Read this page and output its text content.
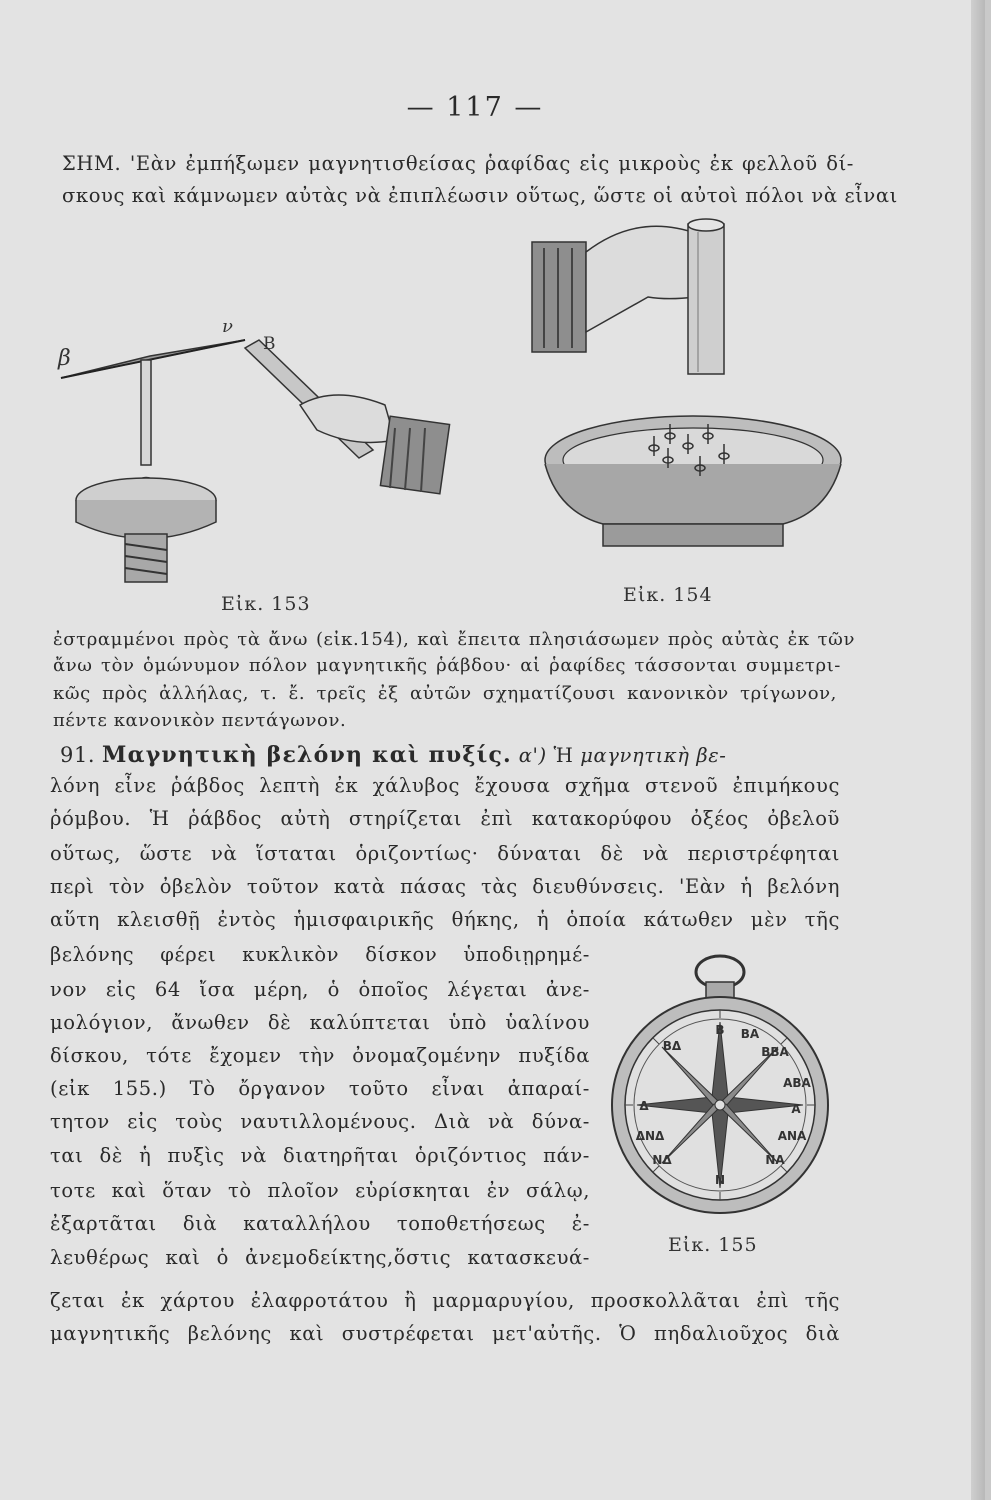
— 117 —
ΣΗΜ. 'Εὰν ἐμπήξωμεν μαγνητισθείσας ῥαφίδας εἰς μικροὺς ἐκ φελλοῦ δί-
σκους καὶ κάμνωμεν αὐτὰς νὰ ἐπιπλέωσιν οὕτως, ὥστε οἱ αὐτοὶ πόλοι νὰ εἶναι
β
ν
B
Εἰκ. 153	Εἰκ. 154
ἐστραμμένοι πρὸς τὰ ἄνω (εἰκ.154), καὶ ἔπειτα πλησιάσωμεν πρὸς αὐτὰς ἐκ τῶν
ἄνω τὸν ὁμώνυμον πόλον μαγνητικῆς ῥάβδου· αἱ ῥαφίδες τάσσονται συμμετρι-
κῶς πρὸς ἀλλήλας, τ. ἔ. τρεῖς ἐξ αὐτῶν σχηματίζουσι κανονικὸν τρίγωνον,
πέντε κανονικὸν πεντάγωνον.
91. Μαγνητικὴ βελόνη καὶ πυξίς. α') Ἡ μαγνητικὴ βε-
λόνη εἶνε ῥάβδος λεπτὴ ἐκ χάλυβος ἔχουσα σχῆμα στενοῦ ἐπιμήκους
ῥόμβου. Ἡ ῥάβδος αὐτὴ στηρίζεται ἐπὶ κατακορύφου ὀξέος ὀβελοῦ
οὕτως, ὥστε νὰ ἵσταται ὁριζοντίως· δύναται δὲ νὰ περιστρέφηται
περὶ τὸν ὀβελὸν τοῦτον κατὰ πάσας τὰς διευθύνσεις. 'Εὰν ἡ βελόνη
αὕτη κλεισθῇ ἐντὸς ἡμισφαιρικῆς θήκης, ἡ ὁποία κάτωθεν μὲν τῆς
βελόνης φέρει κυκλικὸν δίσκον ὑποδιῃρημέ-
νον εἰς 64 ἴσα μέρη, ὁ ὁποῖος λέγεται ἀνε-
μολόγιον, ἄνωθεν δὲ καλύπτεται ὑπὸ ὑαλίνου
δίσκου, τότε ἔχομεν τὴν ὀνομαζομένην πυξίδα
(εἰκ 155.) Τὸ ὄργανον τοῦτο εἶναι ἀπαραί-
τητον εἰς τοὺς ναυτιλλομένους. Διὰ νὰ δύνα-
ται δὲ ἡ πυξὶς νὰ διατηρῆται ὁριζόντιος πάν-
τοτε καὶ ὅταν τὸ πλοῖον εὑρίσκηται ἐν σάλῳ,
ἐξαρτᾶται διὰ καταλλήλου τοποθετήσεως ἐ-
λευθέρως καὶ ὁ ἀνεμοδείκτης,ὅστις κατασκευά-
B BA
ΒΒΑ
ABA
A
ANA
NA
N
ΝΔ
ΔΝΔ
Δ
ΒΔ
Εἰκ. 155
ζεται ἐκ χάρτου ἐλαφροτάτου ἢ μαρμαρυγίου, προσκολλᾶται ἐπὶ τῆς
μαγνητικῆς βελόνης καὶ συστρέφεται μετ'αὐτῆς. Ὁ πηδαλιοῦχος διὰ
